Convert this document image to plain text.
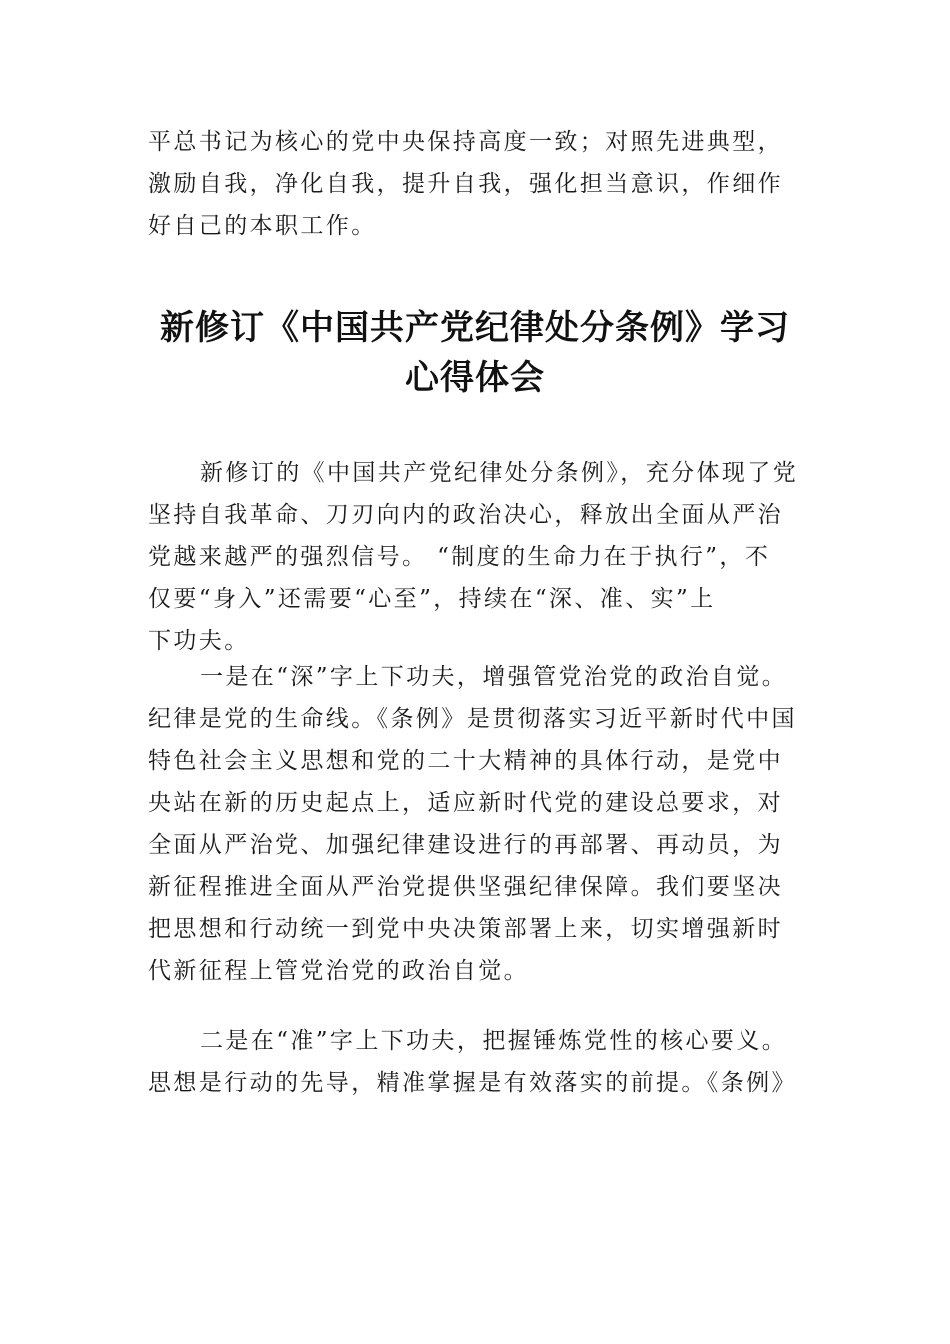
平总书记为核心的党中央保持高度一致；对照先进典型，
激励自我，净化自我，提升自我，强化担当意识，作细作
好自己的本职工作。
新修订《中国共产党纪律处分条例》学习
心得体会
新修订的《中国共产党纪律处分条例》，充分体现了党
坚持自我革命、刀刃向内的政治决心，释放出全面从严治
党越来越严的强烈信号。 “制度的生命力在于执行”，不
仅要“身入”还需要“心至”，持续在“深、准、实”上
下功夫。
一是在“深”字上下功夫，增强管党治党的政治自觉。
纪律是党的生命线。《条例》是贯彻落实习近平新时代中国
特色社会主义思想和党的二十大精神的具体行动，是党中
央站在新的历史起点上，适应新时代党的建设总要求，对
全面从严治党、加强纪律建设进行的再部署、再动员，为
新征程推进全面从严治党提供坚强纪律保障。我们要坚决
把思想和行动统一到党中央决策部署上来，切实增强新时
代新征程上管党治党的政治自觉。
二是在“准”字上下功夫，把握锤炼党性的核心要义。
思想是行动的先导，精准掌握是有效落实的前提。《条例》
